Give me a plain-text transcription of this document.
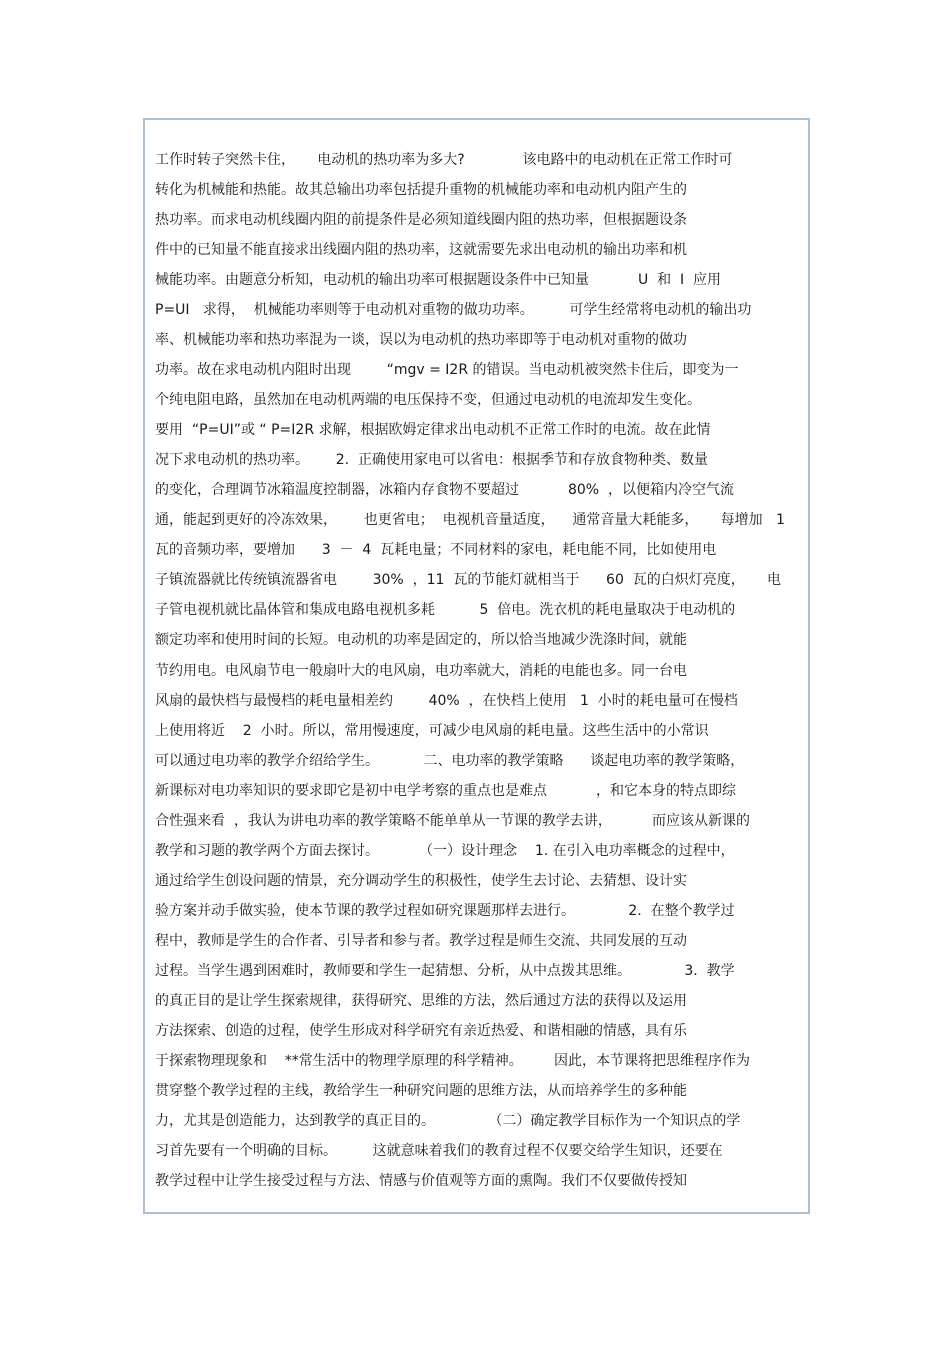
工作时转子突然卡住，     电动机的热功率为多大?             该电路中的电动机在正常工作时可
转化为机械能和热能。故其总输出功率包括提升重物的机械能功率和电动机内阻产生的
热功率。而求电动机线圈内阻的前提条件是必须知道线圈内阻的热功率，但根据题设条
件中的已知量不能直接求出线圈内阻的热功率，这就需要先求出电动机的输出功率和机
械能功率。由题意分析知，电动机的输出功率可根据题设条件中已知量           U  和  I  应用
P=UI   求得，  机械能功率则等于电动机对重物的做功功率。        可学生经常将电动机的输出功
率、机械能功率和热功率混为一谈，误以为电动机的热功率即等于电动机对重物的做功
功率。故在求电动机内阻时出现        “mgv = I2R 的错误。当电动机被突然卡住后，即变为一
个纯电阻电路，虽然加在电动机两端的电压保持不变，但通过电动机的电流却发生变化。
要用  “P=UI”或 “ P=I2R 求解，根据欧姆定律求出电动机不正常工作时的电流。故在此情
况下求电动机的热功率。      2.  正确使用家电可以省电：根据季节和存放食物种类、数量
的变化，合理调节冰箱温度控制器，冰箱内存食物不要超过           80%  ，以便箱内冷空气流
通，能起到更好的冷冻效果，      也更省电；  电视机音量适度，    通常音量大耗能多，     每增加   1
瓦的音频功率，要增加      3  －  4  瓦耗电量；不同材料的家电，耗电能不同，比如使用电
子镇流器就比传统镇流器省电        30%  ，11  瓦的节能灯就相当于      60  瓦的白炽灯亮度，     电
子管电视机就比晶体管和集成电路电视机多耗          5  倍电。洗衣机的耗电量取决于电动机的
额定功率和使用时间的长短。电动机的功率是固定的，所以恰当地减少洗涤时间，就能
节约用电。电风扇节电一般扇叶大的电风扇，电功率就大，消耗的电能也多。同一台电
风扇的最快档与最慢档的耗电量相差约        40%  ，在快档上使用   1  小时的耗电量可在慢档
上使用将近    2  小时。所以，常用慢速度，可减少电风扇的耗电量。这些生活中的小常识
可以通过电功率的教学介绍给学生。          二、电功率的教学策略      谈起电功率的教学策略，
新课标对电功率知识的要求即它是初中电学考察的重点也是难点           ，和它本身的特点即综
合性强来看  ，我认为讲电功率的教学策略不能单单从一节课的教学去讲，         而应该从新课的
教学和习题的教学两个方面去探讨。         （一）设计理念    1. 在引入电功率概念的过程中，
通过给学生创设问题的情景，充分调动学生的积极性，使学生去讨论、去猜想、设计实
验方案并动手做实验，使本节课的教学过程如研究课题那样去进行。            2.  在整个教学过
程中，教师是学生的合作者、引导者和参与者。教学过程是师生交流、共同发展的互动
过程。当学生遇到困难时，教师要和学生一起猜想、分析，从中点拨其思维。            3.  教学
的真正目的是让学生探索规律，获得研究、思维的方法，然后通过方法的获得以及运用
方法探索、创造的过程，使学生形成对科学研究有亲近热爱、和谐相融的情感，具有乐
于探索物理现象和    **常生活中的物理学原理的科学精神。       因此，本节课将把思维程序作为
贯穿整个教学过程的主线，教给学生一种研究问题的思维方法，从而培养学生的多种能
力，尤其是创造能力，达到教学的真正目的。            （二）确定教学目标作为一个知识点的学
习首先要有一个明确的目标。        这就意味着我们的教育过程不仅要交给学生知识，还要在
教学过程中让学生接受过程与方法、情感与价值观等方面的熏陶。我们不仅要做传授知
